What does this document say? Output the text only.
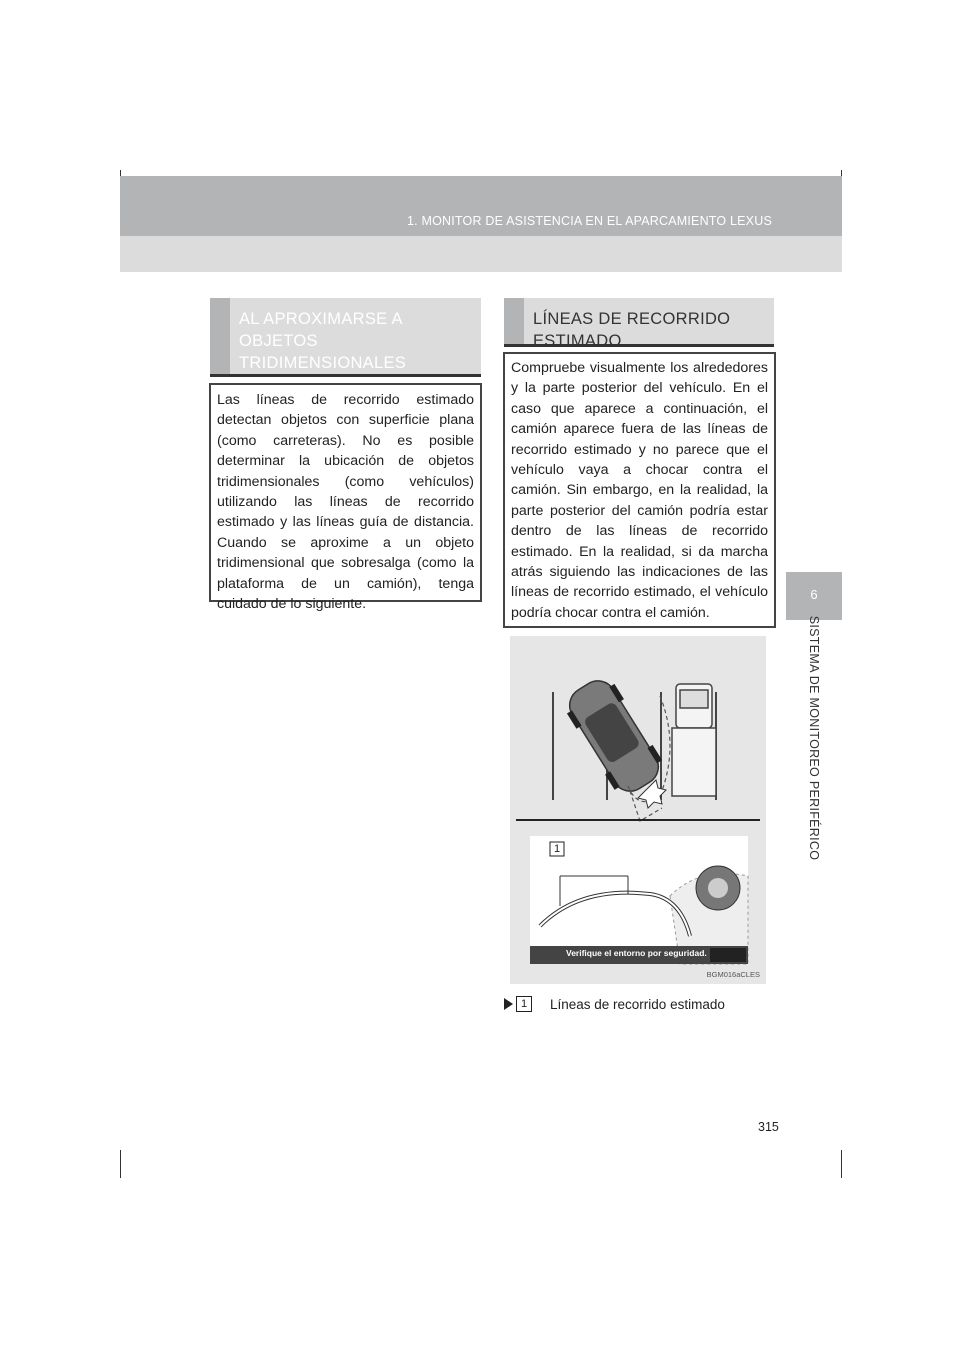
1. MONITOR DE ASISTENCIA EN EL APARCAMIENTO LEXUS
6
SISTEMA DE MONITOREO PERIFÉRICO
AL APROXIMARSE A OBJETOS TRIDIMENSIONALES

Las líneas de recorrido estimado detectan objetos con superficie plana (como carreteras). No es posible determinar la ubicación de objetos tridimensionales (como vehículos) utilizando las líneas de recorrido estimado y las líneas guía de distancia. Cuando se aproxime a un objeto tridimensional que sobresalga (como la plataforma de un camión), tenga cuidado de lo siguiente.

LÍNEAS DE RECORRIDO ESTIMADO

Compruebe visualmente los alrededores y la parte posterior del vehículo. En el caso que aparece a continuación, el camión aparece fuera de las líneas de recorrido estimado y no parece que el vehículo vaya a chocar contra el camión. Sin embargo, en la realidad, la parte posterior del camión podría estar dentro de las líneas de recorrido estimado. En la realidad, si da marcha atrás siguiendo las indicaciones de las líneas de recorrido estimado, el vehículo podría chocar contra el camión.

1
Verifique el entorno por seguridad.
BGM016aCLES
1	Líneas de recorrido estimado
315
